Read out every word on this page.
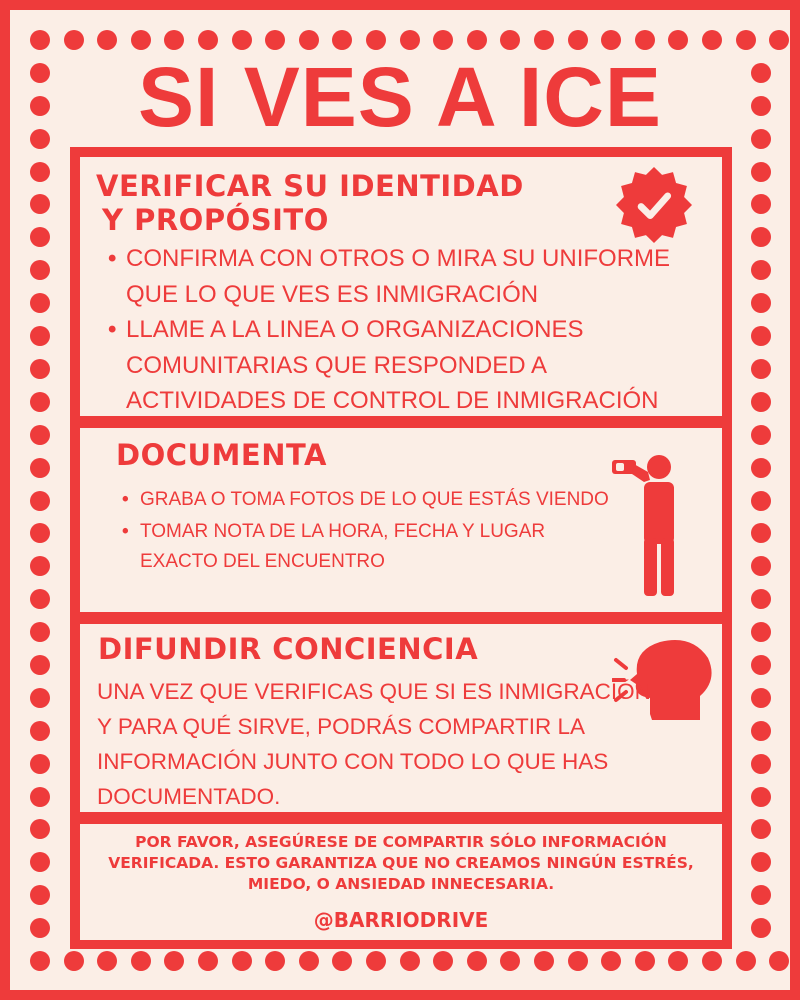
SI VES A ICE
VERIFICAR SU IDENTIDAD
Y PROPÓSITO
• CONFIRMA CON OTROS O MIRA SU UNIFORME QUE LO QUE VES ES INMIGRACIÓN
• LLAME A LA LINEA O ORGANIZACIONES COMUNITARIAS QUE RESPONDED A ACTIVIDADES DE CONTROL DE INMIGRACIÓN
DOCUMENTA
• GRABA O TOMA FOTOS DE LO QUE ESTÁS VIENDO
• TOMAR NOTA DE LA HORA, FECHA Y LUGAR EXACTO DEL ENCUENTRO
DIFUNDIR CONCIENCIA

UNA VEZ QUE VERIFICAS QUE SI ES INMIGRACIÓN Y PARA QUÉ SIRVE, PODRÁS COMPARTIR LA INFORMACIÓN JUNTO CON TODO LO QUE HAS DOCUMENTADO.

POR FAVOR, ASEGÚRESE DE COMPARTIR SÓLO INFORMACIÓN VERIFICADA. ESTO GARANTIZA QUE NO CREAMOS NINGÚN ESTRÉS, MIEDO, O ANSIEDAD INNECESARIA.

@BARRIODRIVE
